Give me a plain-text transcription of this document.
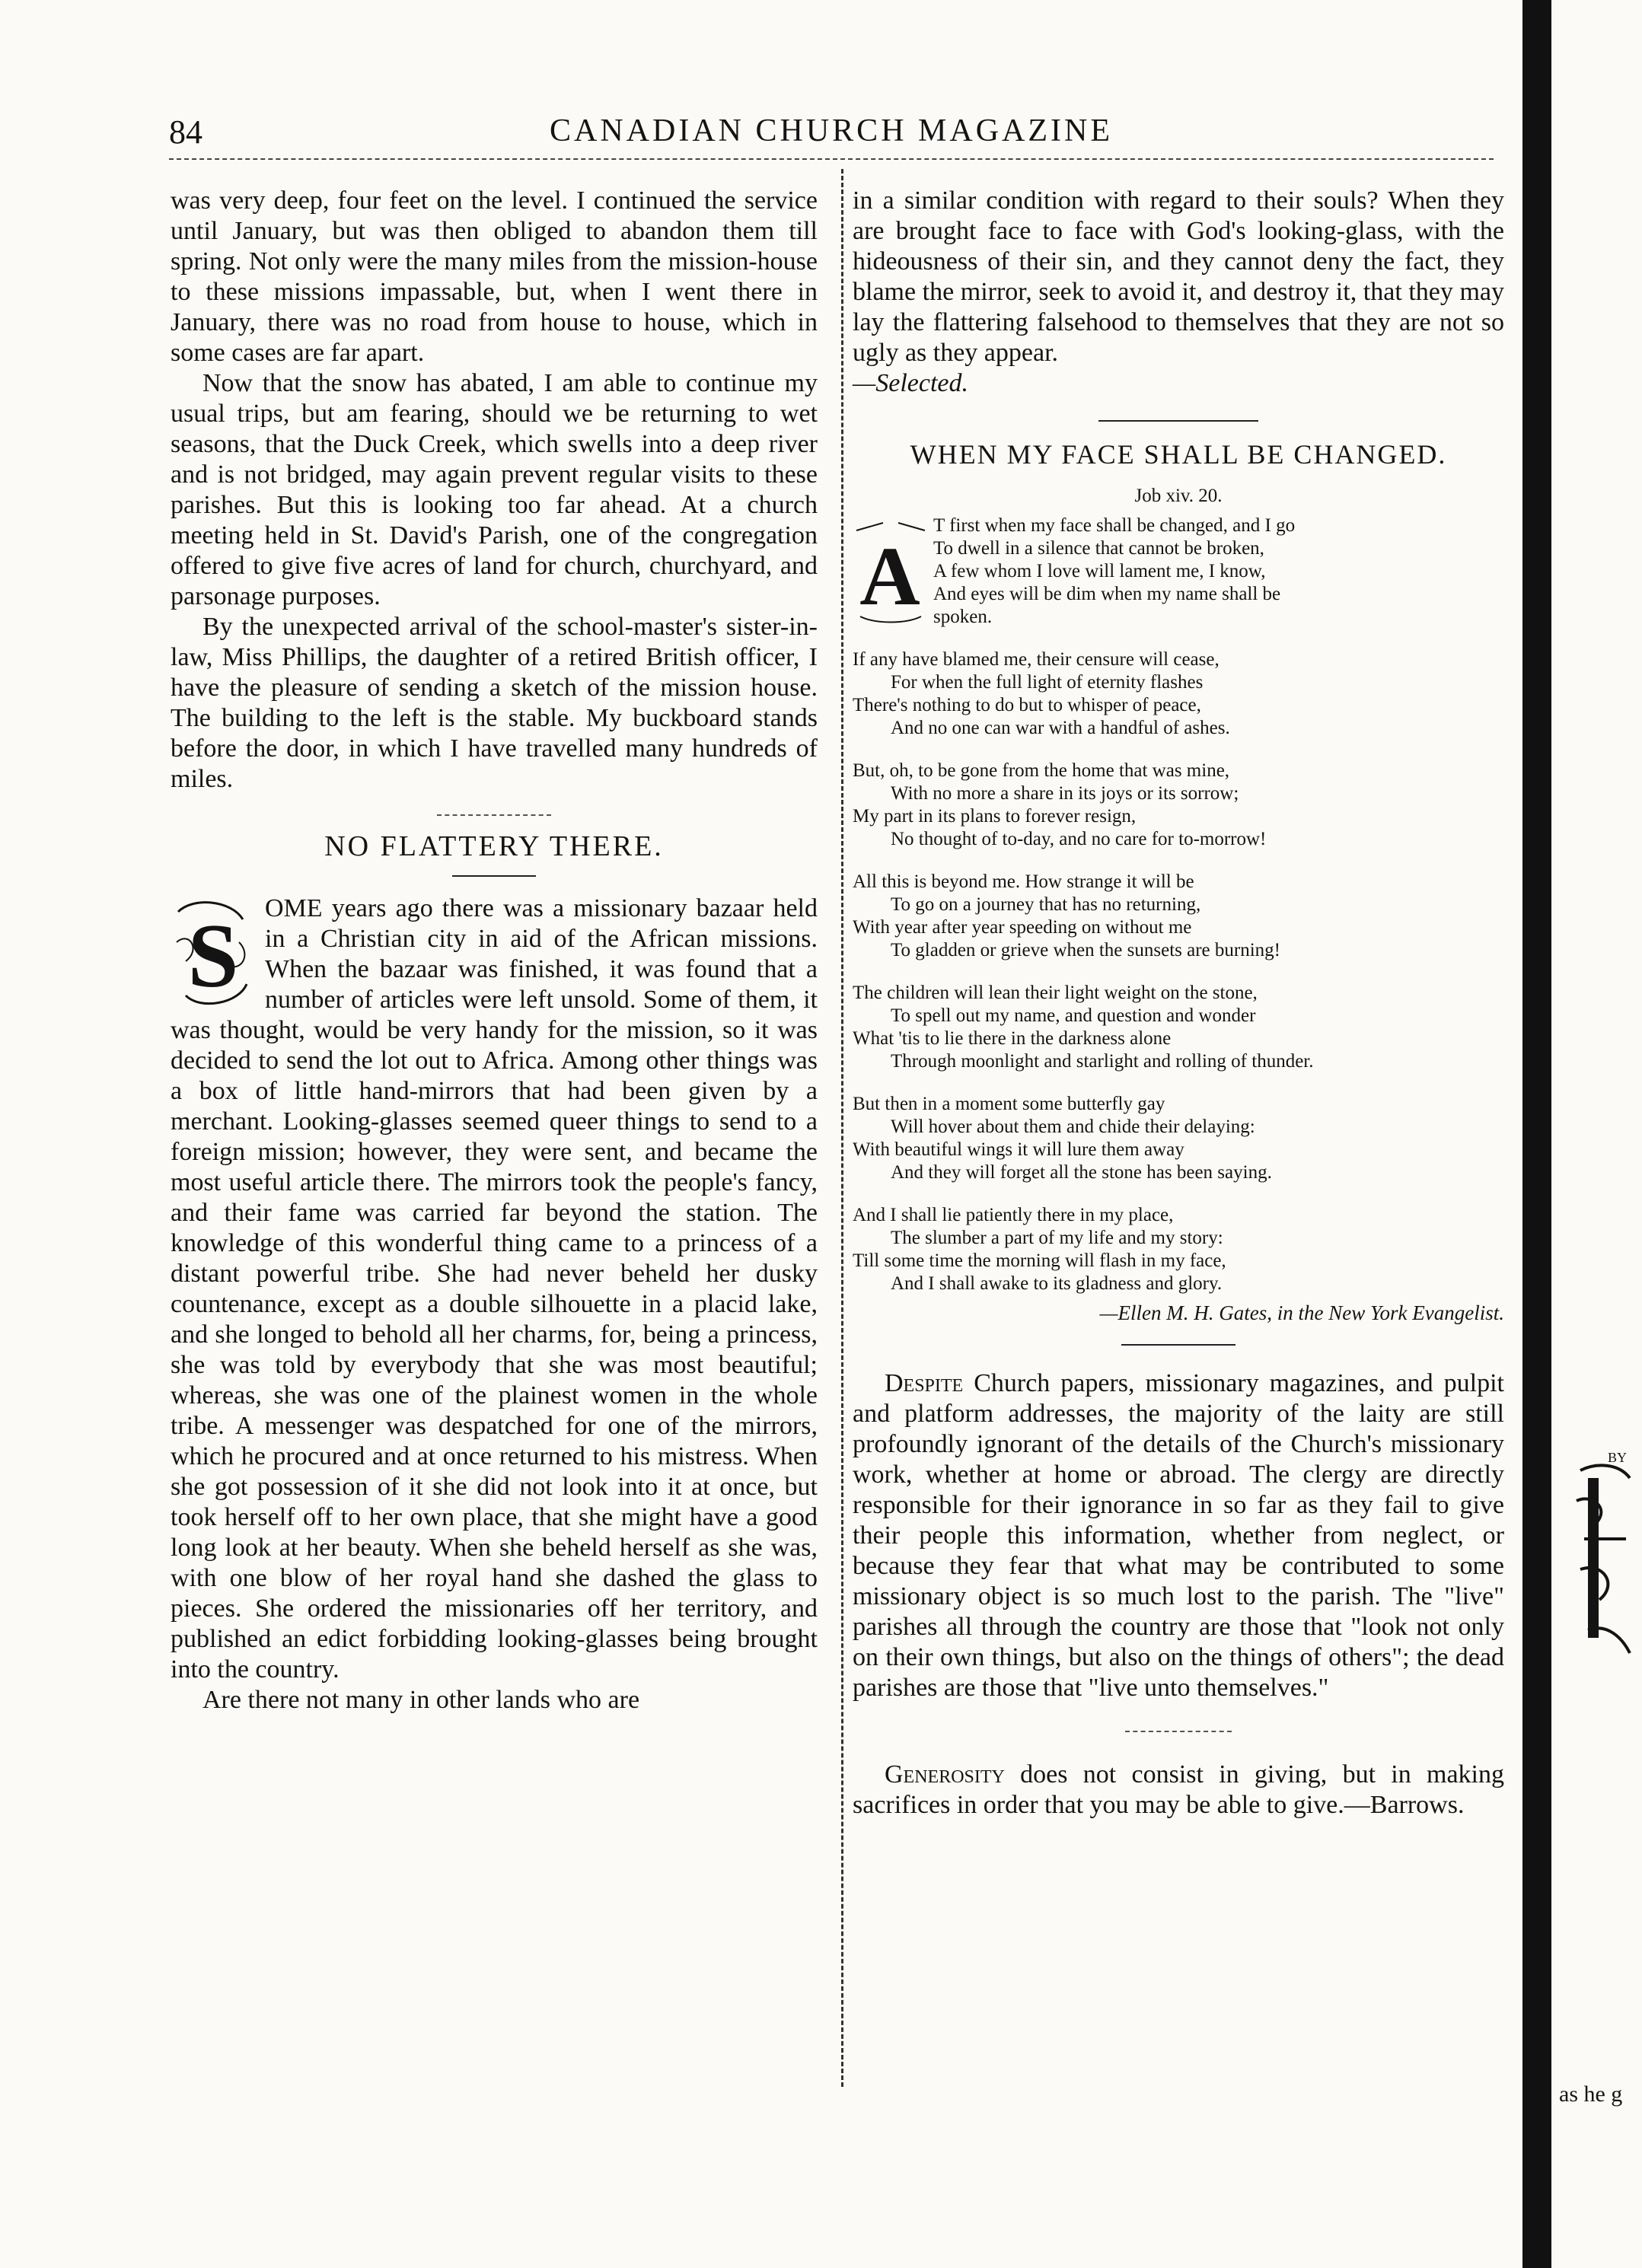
84	CANADIAN CHURCH MAGAZINE

was very deep, four feet on the level. I continued the service until January, but was then obliged to abandon them till spring. Not only were the many miles from the mission-house to these missions impassable, but, when I went there in January, there was no road from house to house, which in some cases are far apart.

Now that the snow has abated, I am able to continue my usual trips, but am fearing, should we be returning to wet seasons, that the Duck Creek, which swells into a deep river and is not bridged, may again prevent regular visits to these parishes. But this is looking too far ahead. At a church meeting held in St. David's Parish, one of the congregation offered to give five acres of land for church, churchyard, and parsonage purposes.

By the unexpected arrival of the school-master's sister-in-law, Miss Phillips, the daughter of a retired British officer, I have the pleasure of sending a sketch of the mission house. The building to the left is the stable. My buckboard stands before the door, in which I have travelled many hundreds of miles.

NO FLATTERY THERE.
S	OME years ago there was a missionary bazaar held in a Christian city in aid of the African missions. When the bazaar was finished, it was found that a number of articles were left unsold. Some of them, it was thought, would be very handy for the mission, so it was decided to send the lot out to Africa. Among other things was a box of little hand-mirrors that had been given by a merchant. Looking-glasses seemed queer things to send to a foreign mission; however, they were sent, and became the most useful article there. The mirrors took the people's fancy, and their fame was carried far beyond the station. The knowledge of this wonderful thing came to a princess of a distant powerful tribe. She had never beheld her dusky countenance, except as a double silhouette in a placid lake, and she longed to behold all her charms, for, being a princess, she was told by everybody that she was most beautiful; whereas, she was one of the plainest women in the whole tribe. A messenger was despatched for one of the mirrors, which he procured and at once returned to his mistress. When she got possession of it she did not look into it at once, but took herself off to her own place, that she might have a good long look at her beauty. When she beheld herself as she was, with one blow of her royal hand she dashed the glass to pieces. She ordered the missionaries off her territory, and published an edict forbidding looking-glasses being brought into the country.

Are there not many in other lands who are

in a similar condition with regard to their souls? When they are brought face to face with God's looking-glass, with the hideousness of their sin, and they cannot deny the fact, they blame the mirror, seek to avoid it, and destroy it, that they may lay the flattering falsehood to themselves that they are not so ugly as they appear.

—Selected.

WHEN MY FACE SHALL BE CHANGED.
Job xiv. 20.
A

T first when my face shall be changed, and I go

To dwell in a silence that cannot be broken,

A few whom I love will lament me, I know,

And eyes will be dim when my name shall be

spoken.

If any have blamed me, their censure will cease,

For when the full light of eternity flashes

There's nothing to do but to whisper of peace,

And no one can war with a handful of ashes.

But, oh, to be gone from the home that was mine,

With no more a share in its joys or its sorrow;

My part in its plans to forever resign,

No thought of to-day, and no care for to-morrow!

All this is beyond me. How strange it will be

To go on a journey that has no returning,

With year after year speeding on without me

To gladden or grieve when the sunsets are burning!

The children will lean their light weight on the stone,

To spell out my name, and question and wonder

What 'tis to lie there in the darkness alone

Through moonlight and starlight and rolling of thunder.

But then in a moment some butterfly gay

Will hover about them and chide their delaying:

With beautiful wings it will lure them away

And they will forget all the stone has been saying.

And I shall lie patiently there in my place,

The slumber a part of my life and my story:

Till some time the morning will flash in my face,

And I shall awake to its gladness and glory.

—Ellen M. H. Gates, in the New York Evangelist.

Despite Church papers, missionary magazines, and pulpit and platform addresses, the majority of the laity are still profoundly ignorant of the details of the Church's missionary work, whether at home or abroad. The clergy are directly responsible for their ignorance in so far as they fail to give their people this information, whether from neglect, or because they fear that what may be contributed to some missionary object is so much lost to the parish. The "live" parishes all through the country are those that "look not only on their own things, but also on the things of others"; the dead parishes are those that "live unto themselves."

Generosity does not consist in giving, but in making sacrifices in order that you may be able to give.—Barrows.

BY
as he g
